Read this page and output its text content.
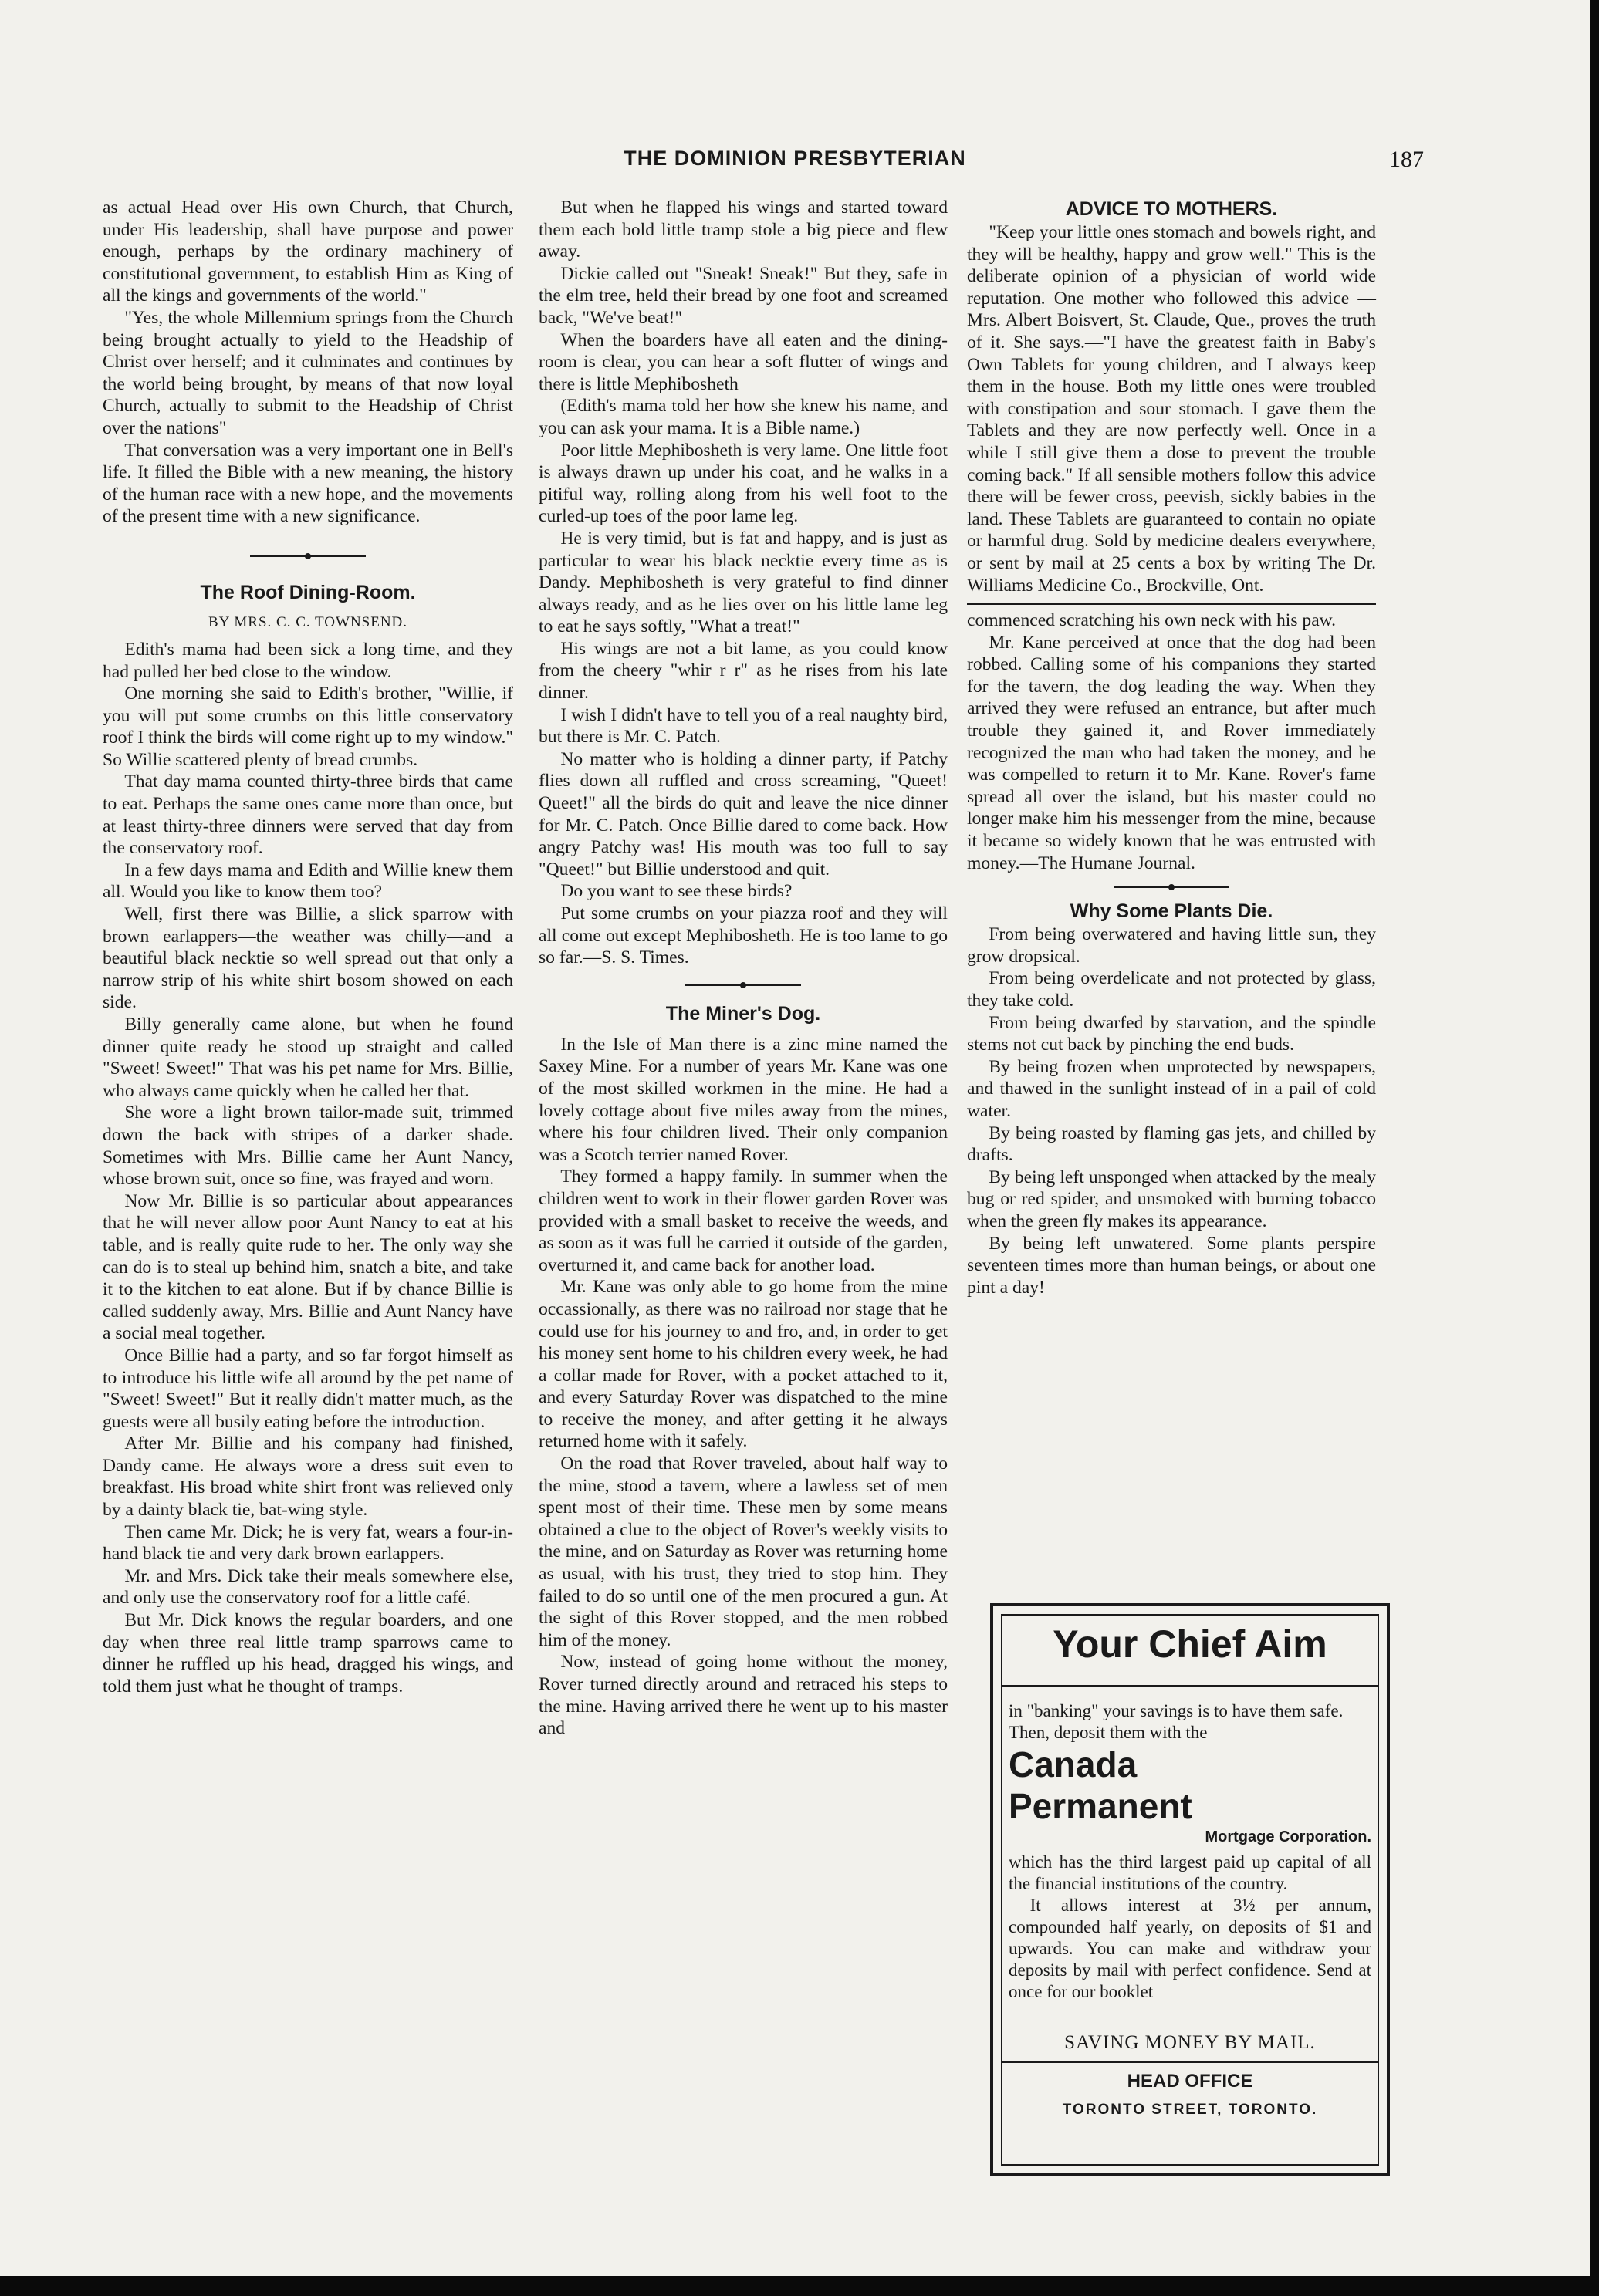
THE DOMINION PRESBYTERIAN	187

as actual Head over His own Church, that Church, under His leadership, shall have purpose and power enough, perhaps by the ordinary machinery of constitutional government, to establish Him as King of all the kings and governments of the world."

"Yes, the whole Millennium springs from the Church being brought actually to yield to the Headship of Christ over herself; and it culminates and continues by the world being brought, by means of that now loyal Church, actually to submit to the Headship of Christ over the nations"

That conversation was a very important one in Bell's life. It filled the Bible with a new meaning, the history of the human race with a new hope, and the movements of the present time with a new significance.

The Roof Dining-Room.
BY MRS. C. C. TOWNSEND.

Edith's mama had been sick a long time, and they had pulled her bed close to the window.

One morning she said to Edith's brother, "Willie, if you will put some crumbs on this little conservatory roof I think the birds will come right up to my window." So Willie scattered plenty of bread crumbs.

That day mama counted thirty-three birds that came to eat. Perhaps the same ones came more than once, but at least thirty-three dinners were served that day from the conservatory roof.

In a few days mama and Edith and Willie knew them all. Would you like to know them too?

Well, first there was Billie, a slick sparrow with brown earlappers—the weather was chilly—and a beautiful black necktie so well spread out that only a narrow strip of his white shirt bosom showed on each side.

Billy generally came alone, but when he found dinner quite ready he stood up straight and called "Sweet! Sweet!" That was his pet name for Mrs. Billie, who always came quickly when he called her that.

She wore a light brown tailor-made suit, trimmed down the back with stripes of a darker shade. Sometimes with Mrs. Billie came her Aunt Nancy, whose brown suit, once so fine, was frayed and worn.

Now Mr. Billie is so particular about appearances that he will never allow poor Aunt Nancy to eat at his table, and is really quite rude to her. The only way she can do is to steal up behind him, snatch a bite, and take it to the kitchen to eat alone. But if by chance Billie is called suddenly away, Mrs. Billie and Aunt Nancy have a social meal together.

Once Billie had a party, and so far forgot himself as to introduce his little wife all around by the pet name of "Sweet! Sweet!" But it really didn't matter much, as the guests were all busily eating before the introduction.

After Mr. Billie and his company had finished, Dandy came. He always wore a dress suit even to breakfast. His broad white shirt front was relieved only by a dainty black tie, bat-wing style.

Then came Mr. Dick; he is very fat, wears a four-in-hand black tie and very dark brown earlappers.

Mr. and Mrs. Dick take their meals somewhere else, and only use the conservatory roof for a little café.

But Mr. Dick knows the regular boarders, and one day when three real little tramp sparrows came to dinner he ruffled up his head, dragged his wings, and told them just what he thought of tramps.

But when he flapped his wings and started toward them each bold little tramp stole a big piece and flew away.

Dickie called out "Sneak! Sneak!" But they, safe in the elm tree, held their bread by one foot and screamed back, "We've beat!"

When the boarders have all eaten and the dining-room is clear, you can hear a soft flutter of wings and there is little Mephibosheth

(Edith's mama told her how she knew his name, and you can ask your mama. It is a Bible name.)

Poor little Mephibosheth is very lame. One little foot is always drawn up under his coat, and he walks in a pitiful way, rolling along from his well foot to the curled-up toes of the poor lame leg.

He is very timid, but is fat and happy, and is just as particular to wear his black necktie every time as is Dandy. Mephibosheth is very grateful to find dinner always ready, and as he lies over on his little lame leg to eat he says softly, "What a treat!"

His wings are not a bit lame, as you could know from the cheery "whir r r" as he rises from his late dinner.

I wish I didn't have to tell you of a real naughty bird, but there is Mr. C. Patch.

No matter who is holding a dinner party, if Patchy flies down all ruffled and cross screaming, "Queet! Queet!" all the birds do quit and leave the nice dinner for Mr. C. Patch. Once Billie dared to come back. How angry Patchy was! His mouth was too full to say "Queet!" but Billie understood and quit.

Do you want to see these birds?

Put some crumbs on your piazza roof and they will all come out except Mephibosheth. He is too lame to go so far.—S. S. Times.

The Miner's Dog.

In the Isle of Man there is a zinc mine named the Saxey Mine. For a number of years Mr. Kane was one of the most skilled workmen in the mine. He had a lovely cottage about five miles away from the mines, where his four children lived. Their only companion was a Scotch terrier named Rover.

They formed a happy family. In summer when the children went to work in their flower garden Rover was provided with a small basket to receive the weeds, and as soon as it was full he carried it outside of the garden, overturned it, and came back for another load.

Mr. Kane was only able to go home from the mine occassionally, as there was no railroad nor stage that he could use for his journey to and fro, and, in order to get his money sent home to his children every week, he had a collar made for Rover, with a pocket attached to it, and every Saturday Rover was dispatched to the mine to receive the money, and after getting it he always returned home with it safely.

On the road that Rover traveled, about half way to the mine, stood a tavern, where a lawless set of men spent most of their time. These men by some means obtained a clue to the object of Rover's weekly visits to the mine, and on Saturday as Rover was returning home as usual, with his trust, they tried to stop him. They failed to do so until one of the men procured a gun. At the sight of this Rover stopped, and the men robbed him of the money.

Now, instead of going home without the money, Rover turned directly around and retraced his steps to the mine. Having arrived there he went up to his master and

ADVICE TO MOTHERS.

"Keep your little ones stomach and bowels right, and they will be healthy, happy and grow well." This is the deliberate opinion of a physician of world wide reputation. One mother who followed this advice —Mrs. Albert Boisvert, St. Claude, Que., proves the truth of it. She says.—"I have the greatest faith in Baby's Own Tablets for young children, and I always keep them in the house. Both my little ones were troubled with constipation and sour stomach. I gave them the Tablets and they are now perfectly well. Once in a while I still give them a dose to prevent the trouble coming back." If all sensible mothers follow this advice there will be fewer cross, peevish, sickly babies in the land. These Tablets are guaranteed to contain no opiate or harmful drug. Sold by medicine dealers everywhere, or sent by mail at 25 cents a box by writing The Dr. Williams Medicine Co., Brockville, Ont.

commenced scratching his own neck with his paw.

Mr. Kane perceived at once that the dog had been robbed. Calling some of his companions they started for the tavern, the dog leading the way. When they arrived they were refused an entrance, but after much trouble they gained it, and Rover immediately recognized the man who had taken the money, and he was compelled to return it to Mr. Kane. Rover's fame spread all over the island, but his master could no longer make him his messenger from the mine, because it became so widely known that he was entrusted with money.—The Humane Journal.

Why Some Plants Die.

From being overwatered and having little sun, they grow dropsical.

From being overdelicate and not protected by glass, they take cold.

From being dwarfed by starvation, and the spindle stems not cut back by pinching the end buds.

By being frozen when unprotected by newspapers, and thawed in the sunlight instead of in a pail of cold water.

By being roasted by flaming gas jets, and chilled by drafts.

By being left unsponged when attacked by the mealy bug or red spider, and unsmoked with burning tobacco when the green fly makes its appearance.

By being left unwatered. Some plants perspire seventeen times more than human beings, or about one pint a day!

Your Chief Aim
in "banking" your savings is to have them safe. Then, deposit them with the
Canada
Permanent
Mortgage Corporation.

which has the third largest paid up capital of all the financial institutions of the country.

It allows interest at 3½ per annum, compounded half yearly, on deposits of $1 and upwards. You can make and withdraw your deposits by mail with perfect confidence. Send at once for our booklet

SAVING MONEY BY MAIL.
HEAD OFFICE
TORONTO STREET, TORONTO.
